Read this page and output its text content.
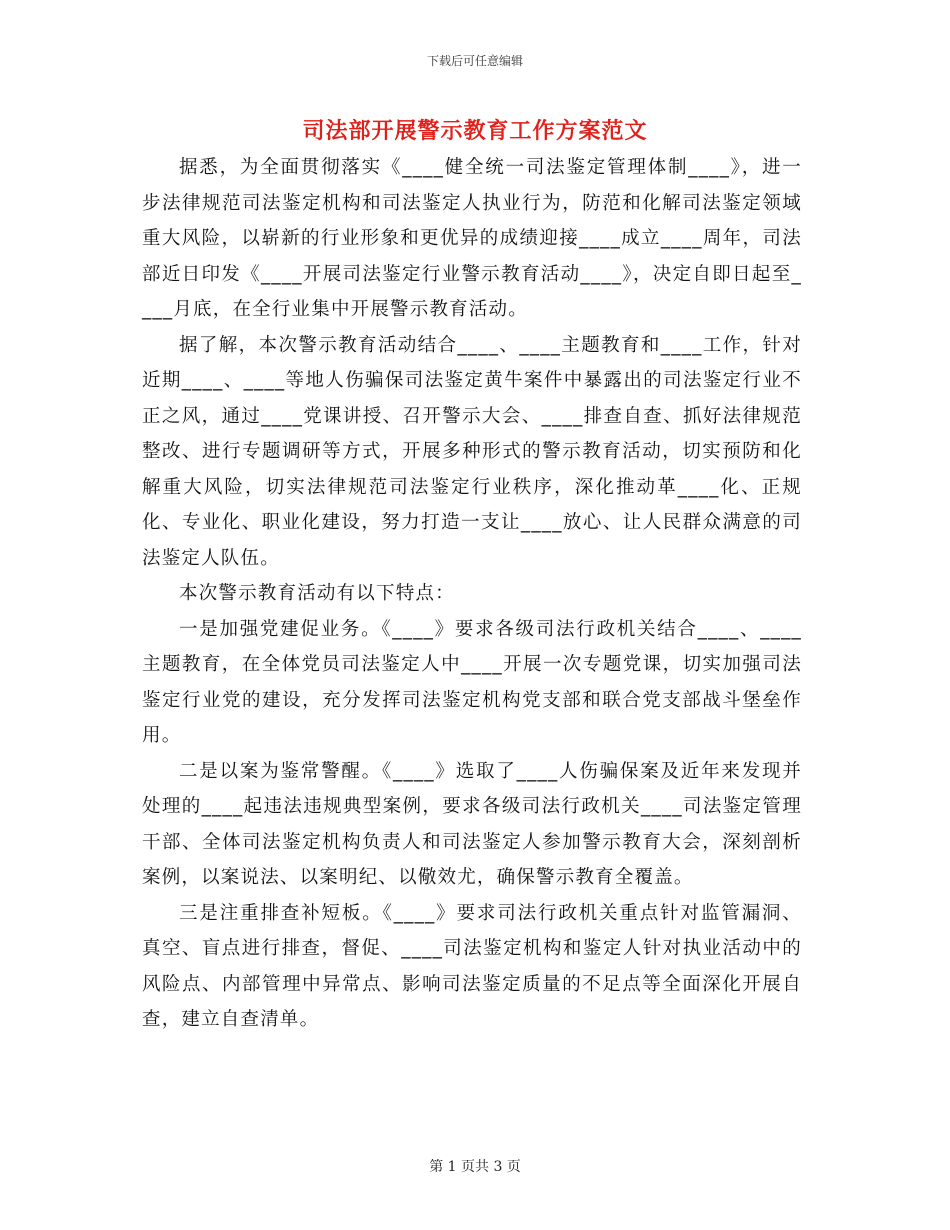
下载后可任意编辑
司法部开展警示教育工作方案范文

据悉，为全面贯彻落实《____健全统一司法鉴定管理体制____》，进一步法律规范司法鉴定机构和司法鉴定人执业行为，防范和化解司法鉴定领域重大风险，以崭新的行业形象和更优异的成绩迎接____成立____周年，司法部近日印发《____开展司法鉴定行业警示教育活动____》，决定自即日起至____月底，在全行业集中开展警示教育活动。

据了解，本次警示教育活动结合____、____主题教育和____工作，针对近期____、____等地人伤骗保司法鉴定黄牛案件中暴露出的司法鉴定行业不正之风，通过____党课讲授、召开警示大会、____排查自查、抓好法律规范整改、进行专题调研等方式，开展多种形式的警示教育活动，切实预防和化解重大风险，切实法律规范司法鉴定行业秩序，深化推动革____化、正规化、专业化、职业化建设，努力打造一支让____放心、让人民群众满意的司法鉴定人队伍。

本次警示教育活动有以下特点：

一是加强党建促业务。《____》要求各级司法行政机关结合____、____主题教育，在全体党员司法鉴定人中____开展一次专题党课，切实加强司法鉴定行业党的建设，充分发挥司法鉴定机构党支部和联合党支部战斗堡垒作用。

二是以案为鉴常警醒。《____》选取了____人伤骗保案及近年来发现并处理的____起违法违规典型案例，要求各级司法行政机关____司法鉴定管理干部、全体司法鉴定机构负责人和司法鉴定人参加警示教育大会，深刻剖析案例，以案说法、以案明纪、以儆效尤，确保警示教育全覆盖。

三是注重排查补短板。《____》要求司法行政机关重点针对监管漏洞、真空、盲点进行排查，督促、____司法鉴定机构和鉴定人针对执业活动中的风险点、内部管理中异常点、影响司法鉴定质量的不足点等全面深化开展自查，建立自查清单。

第 1 页共 3 页
